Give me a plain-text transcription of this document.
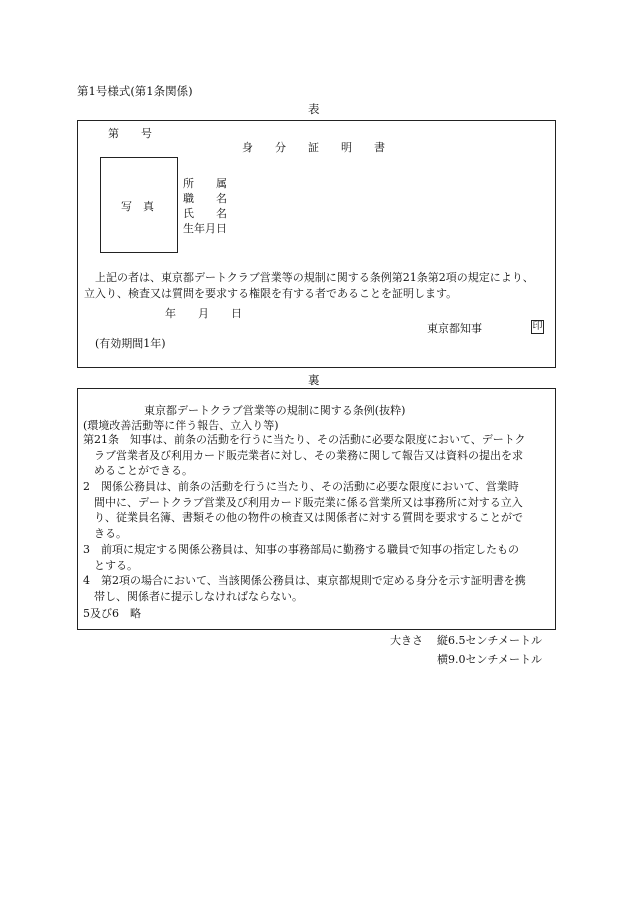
第1号様式(第1条関係)
表
第　　号
身　　分　　証　　明　　書
写　真
所　　属
職　　名
氏　　名
生年月日
上記の者は、東京都デートクラブ営業等の規制に関する条例第21条第2項の規定により、
立入り、検査又は質問を要求する権限を有する者であることを証明します。
年　　月　　日
東京都知事	印
(有効期間1年)
裏
東京都デートクラブ営業等の規制に関する条例(抜粋)
(環境改善活動等に伴う報告、立入り等)
第21条　知事は、前条の活動を行うに当たり、その活動に必要な限度において、デートク
ラブ営業者及び利用カード販売業者に対し、その業務に関して報告又は資料の提出を求
めることができる。
2　関係公務員は、前条の活動を行うに当たり、その活動に必要な限度において、営業時
間中に、デートクラブ営業及び利用カード販売業に係る営業所又は事務所に対する立入
り、従業員名簿、書類その他の物件の検査又は関係者に対する質問を要求することがで
きる。
3　前項に規定する関係公務員は、知事の事務部局に勤務する職員で知事の指定したもの
とする。
4　第2項の場合において、当該関係公務員は、東京都規則で定める身分を示す証明書を携
帯し、関係者に提示しなければならない。
5及び6　略
大きさ 縦6.5センチメートル
横9.0センチメートル
